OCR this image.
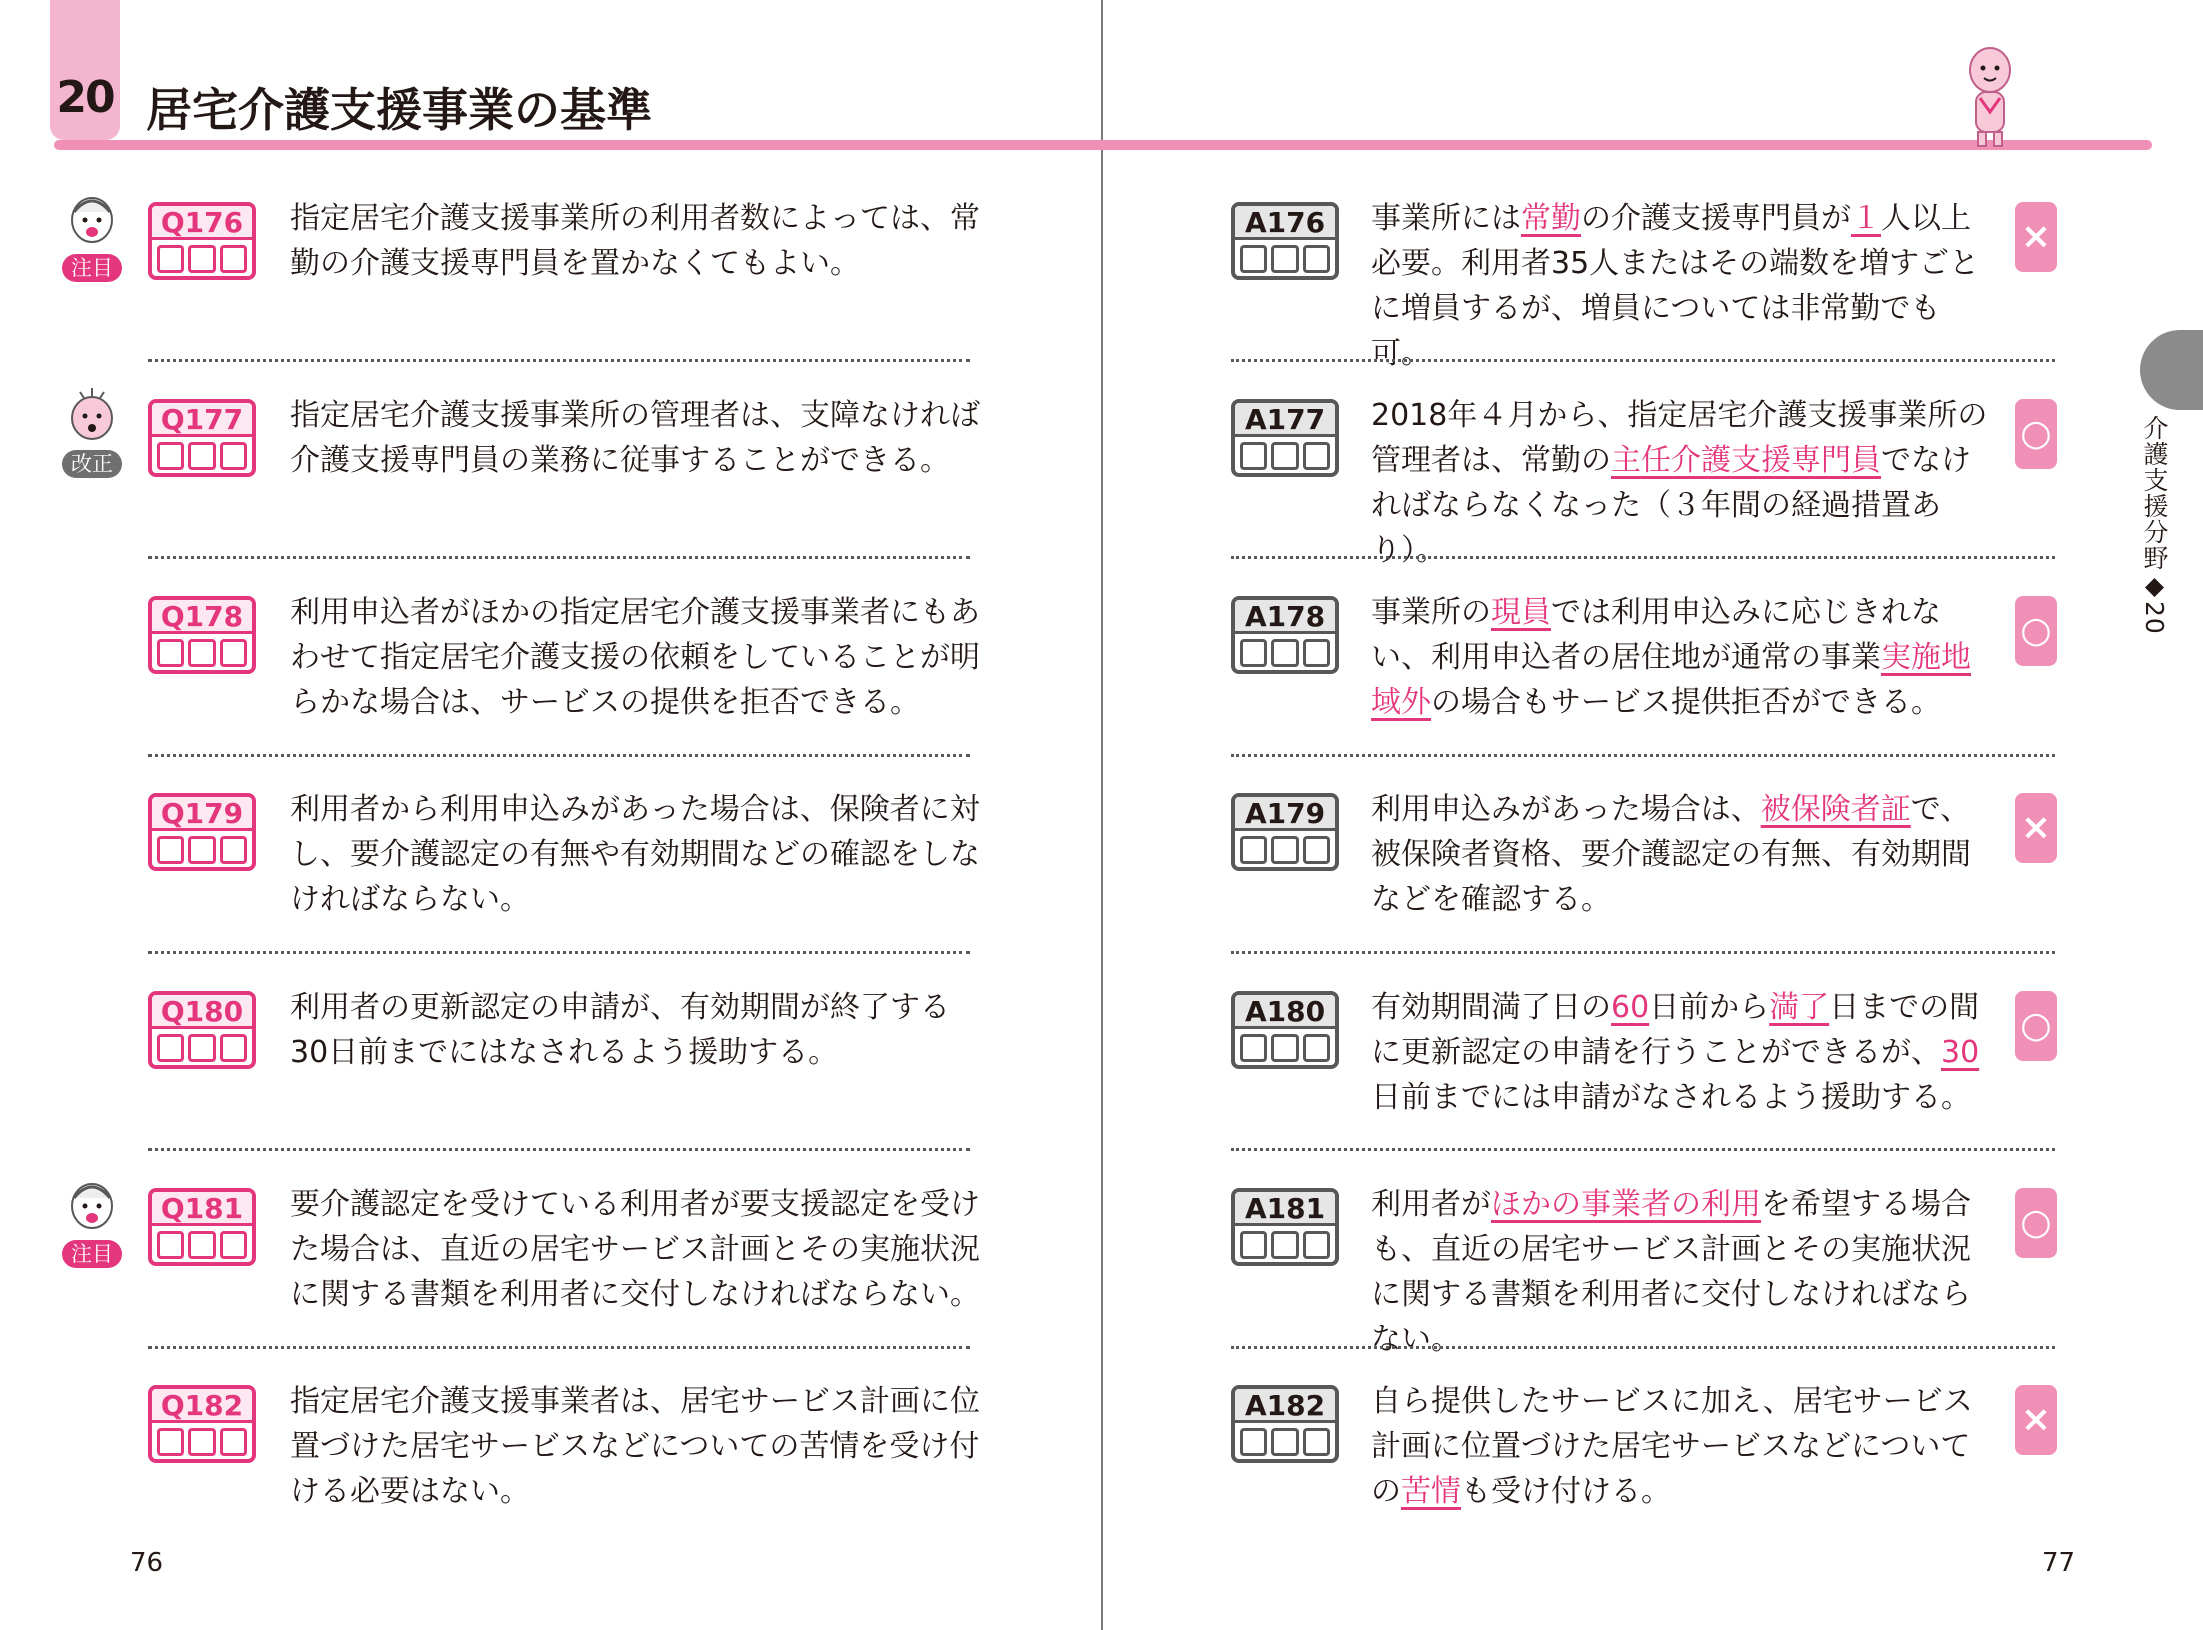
20 居宅介護支援事業の基準
介護支援分野◆20
注目
改正
注目
Q176 指定居宅介護支援事業所の利用者数によっては、常勤の介護支援専門員を置かなくてもよい。
Q177 指定居宅介護支援事業所の管理者は、支障なければ介護支援専門員の業務に従事することができる。
Q178 利用申込者がほかの指定居宅介護支援事業者にもあわせて指定居宅介護支援の依頼をしていることが明らかな場合は、サービスの提供を拒否できる。
Q179 利用者から利用申込みがあった場合は、保険者に対し、要介護認定の有無や有効期間などの確認をしなければならない。
Q180 利用者の更新認定の申請が、有効期間が終了する30日前までにはなされるよう援助する。
Q181 要介護認定を受けている利用者が要支援認定を受けた場合は、直近の居宅サービス計画とその実施状況に関する書類を利用者に交付しなければならない。
Q182 指定居宅介護支援事業者は、居宅サービス計画に位置づけた居宅サービスなどについての苦情を受け付ける必要はない。
A176	事業所には常勤の介護支援専門員が１人以上必要。利用者35人またはその端数を増すごとに増員するが、増員については非常勤でも可。
×
A177	2018年４月から、指定居宅介護支援事業所の管理者は、常勤の主任介護支援専門員でなければならなくなった（３年間の経過措置あり）。
○
A178	事業所の現員では利用申込みに応じきれない、利用申込者の居住地が通常の事業実施地域外の場合もサービス提供拒否ができる。
○
A179	利用申込みがあった場合は、被保険者証で、被保険者資格、要介護認定の有無、有効期間などを確認する。
×
A180	有効期間満了日の60日前から満了日までの間に更新認定の申請を行うことができるが、30日前までには申請がなされるよう援助する。
○
A181	利用者がほかの事業者の利用を希望する場合も、直近の居宅サービス計画とその実施状況に関する書類を利用者に交付しなければならない。
○
A182	自ら提供したサービスに加え、居宅サービス計画に位置づけた居宅サービスなどについての苦情も受け付ける。
×
76	77
